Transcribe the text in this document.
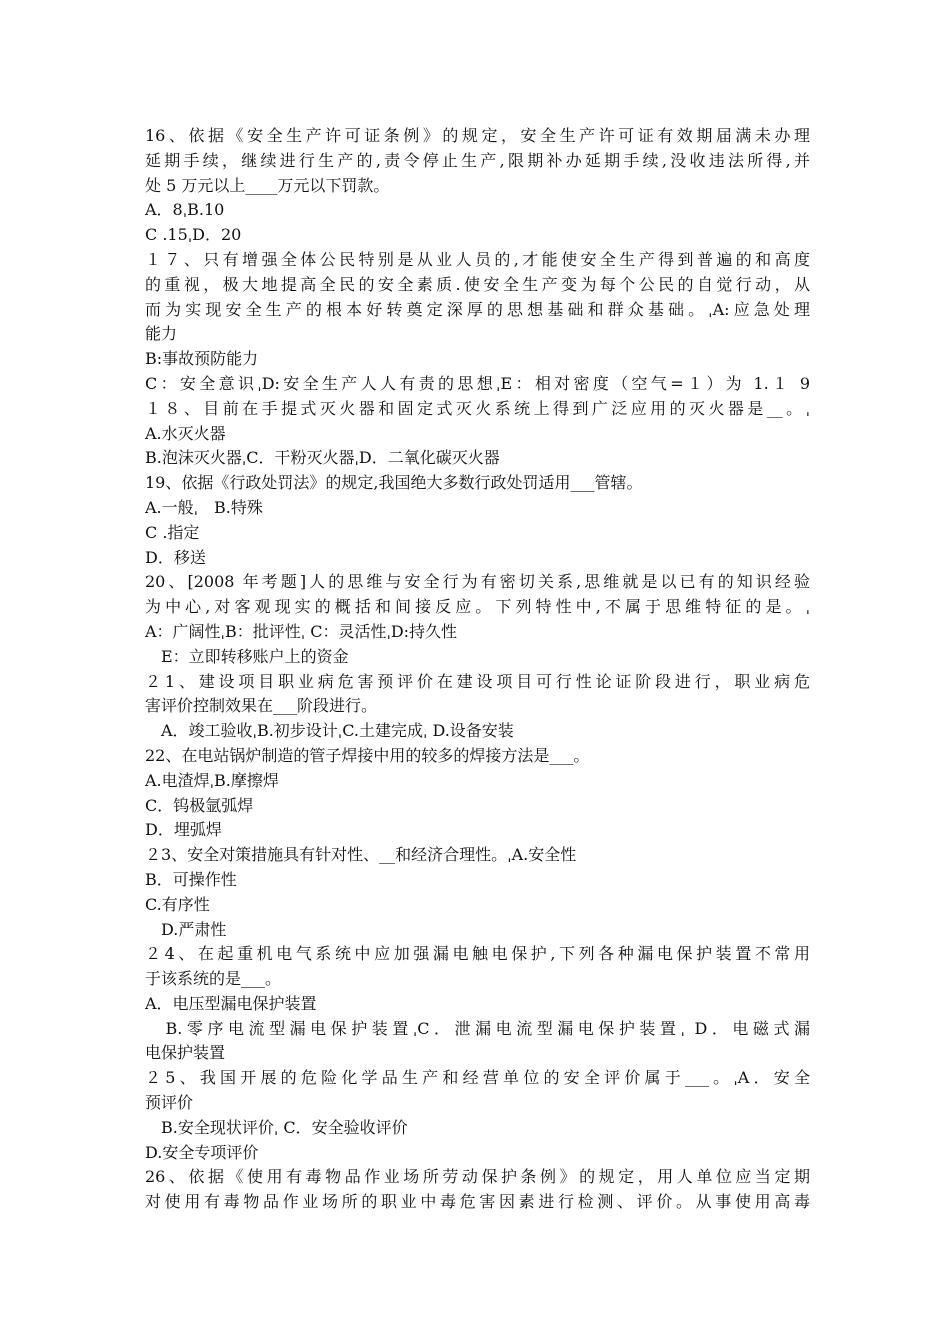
16、依据《安全生产许可证条例》的规定，安全生产许可证有效期届满未办理
延期手续，继续进行生产的,责令停止生产,限期补办延期手续,没收违法所得,并
处 5 万元以上____万元以下罚款。
A．8ˌB.10
C .15ˌD．20
１７、只有增强全体公民特别是从业人员的,才能使安全生产得到普遍的和高度
的重视，极大地提高全民的安全素质.使安全生产变为每个公民的自觉行动，从
而为实现安全生产的根本好转奠定深厚的思想基础和群众基础。ˌA:应急处理
能力
B:事故预防能力
C：安全意识ˌD:安全生产人人有责的思想ˌE：相对密度（空气=１）为 1.１ 9
１８、目前在手提式灭火器和固定式灭火系统上得到广泛应用的灭火器是__。ˌ
A.水灭火器
B.泡沫灭火器ˌC．干粉灭火器ˌD．二氧化碳灭火器
19、依据《行政处罚法》的规定,我国绝大多数行政处罚适用___管辖。
A.一般ˌ　B.特殊
C .指定
D．移送
20、[2008 年考题]人的思维与安全行为有密切关系,思维就是以已有的知识经验
为中心,对客观现实的概括和间接反应。下列特性中,不属于思维特征的是。ˌ
A：广阔性ˌB：批评性ˌ C：灵活性ˌD:持久性
　E：立即转移账户上的资金
２1、建设项目职业病危害预评价在建设项目可行性论证阶段进行，职业病危
害评价控制效果在___阶段进行。
　A．竣工验收ˌB.初步设计ˌC.土建完成ˌ D.设备安装
22、在电站锅炉制造的管子焊接中用的较多的焊接方法是___。
A.电渣焊ˌB.摩擦焊
C．钨极氩弧焊
D．埋弧焊
２3、安全对策措施具有针对性、__和经济合理性。ˌA.安全性
B．可操作性
C.有序性
　D.严肃性
２4、在起重机电气系统中应加强漏电触电保护,下列各种漏电保护装置不常用
于该系统的是___。
A．电压型漏电保护装置
　B.零序电流型漏电保护装置ˌC．泄漏电流型漏电保护装置ˌ D．电磁式漏
电保护装置
２5、我国开展的危险化学品生产和经营单位的安全评价属于___。ˌA．安全
预评价
　B.安全现状评价ˌ C．安全验收评价
D.安全专项评价
26、依据《使用有毒物品作业场所劳动保护条例》的规定，用人单位应当定期
对使用有毒物品作业场所的职业中毒危害因素进行检测、评价。从事使用高毒
